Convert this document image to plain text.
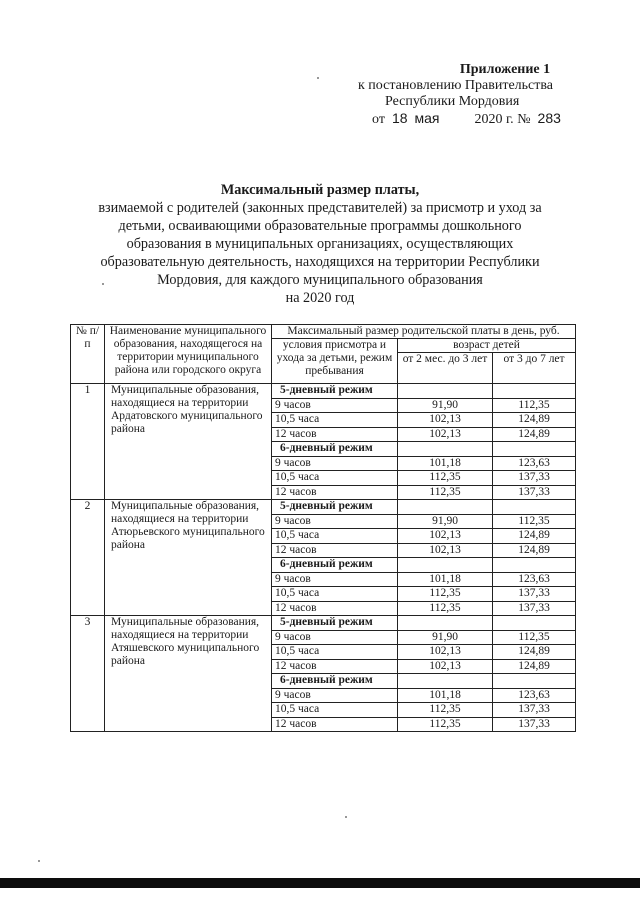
Приложение 1
к постановлению Правительства
Республики Мордовия
от 18 мая	2020 г. № 283
Максимальный размер платы,
взимаемой с родителей (законных представителей) за присмотр и уход за
детьми, осваивающими образовательные программы дошкольного
образования в муниципальных организациях, осуществляющих
образовательную деятельность, находящихся на территории Республики
Мордовия, для каждого муниципального образования
на 2020 год
№ п/п	Наименование муниципального образования, находящегося на территории муниципального района или городского округа	Максимальный размер родительской платы в день, руб.		
		условия присмотра и ухода за детьми, режим пребывания	возраст детей	
			от 2 мес. до 3 лет	от 3 до 7 лет
1	Муниципальные образования, находящиеся на территории Ардатовского муниципального района	5-дневный режим		
		9 часов	91,90	112,35
		10,5 часа	102,13	124,89
		12 часов	102,13	124,89
		6-дневный режим		
		9 часов	101,18	123,63
		10,5 часа	112,35	137,33
		12 часов	112,35	137,33
2	Муниципальные образования, находящиеся на территории Атюрьевского муниципального района	5-дневный режим		
		9 часов	91,90	112,35
		10,5 часа	102,13	124,89
		12 часов	102,13	124,89
		6-дневный режим		
		9 часов	101,18	123,63
		10,5 часа	112,35	137,33
		12 часов	112,35	137,33
3	Муниципальные образования, находящиеся на территории Атяшевского муниципального района	5-дневный режим		
		9 часов	91,90	112,35
		10,5 часа	102,13	124,89
		12 часов	102,13	124,89
		6-дневный режим		
		9 часов	101,18	123,63
		10,5 часа	112,35	137,33
		12 часов	112,35	137,33
